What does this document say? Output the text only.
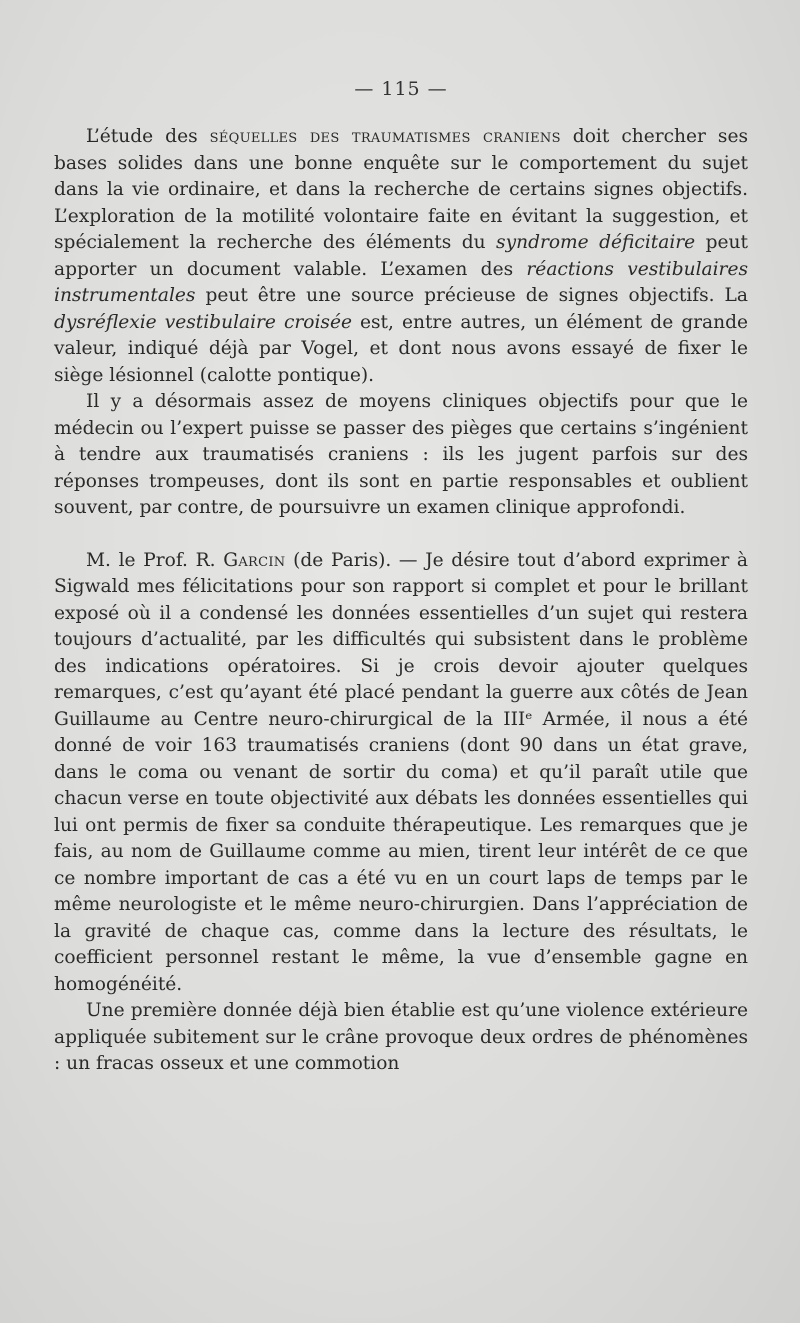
— 115 —

L’étude des séquelles des traumatismes craniens doit chercher ses bases solides dans une bonne enquête sur le comportement du sujet dans la vie ordinaire, et dans la recherche de certains signes objectifs. L’exploration de la motilité volontaire faite en évitant la suggestion, et spécialement la recherche des éléments du syndrome déficitaire peut apporter un document valable. L’examen des réactions vestibulaires instrumentales peut être une source précieuse de signes objectifs. La dysréflexie vestibulaire croisée est, entre autres, un élément de grande valeur, indiqué déjà par Vogel, et dont nous avons essayé de fixer le siège lésionnel (calotte pontique).

Il y a désormais assez de moyens cliniques objectifs pour que le médecin ou l’expert puisse se passer des pièges que certains s’ingénient à tendre aux traumatisés craniens : ils les jugent parfois sur des réponses trompeuses, dont ils sont en partie responsables et oublient souvent, par contre, de poursuivre un examen clinique approfondi.

M. le Prof. R. Garcin (de Paris). — Je désire tout d’abord exprimer à Sigwald mes félicitations pour son rapport si complet et pour le brillant exposé où il a condensé les données essentielles d’un sujet qui restera toujours d’actualité, par les difficultés qui subsistent dans le problème des indications opératoires. Si je crois devoir ajouter quelques remarques, c’est qu’ayant été placé pendant la guerre aux côtés de Jean Guillaume au Centre neuro-chirurgical de la IIIᵉ Armée, il nous a été donné de voir 163 traumatisés craniens (dont 90 dans un état grave, dans le coma ou venant de sortir du coma) et qu’il paraît utile que chacun verse en toute objectivité aux débats les données essentielles qui lui ont permis de fixer sa conduite thérapeutique. Les remarques que je fais, au nom de Guillaume comme au mien, tirent leur intérêt de ce que ce nombre important de cas a été vu en un court laps de temps par le même neurologiste et le même neuro-chirurgien. Dans l’appréciation de la gravité de chaque cas, comme dans la lecture des résultats, le coefficient personnel restant le même, la vue d’ensemble gagne en homogénéité.

Une première donnée déjà bien établie est qu’une violence extérieure appliquée subitement sur le crâne provoque deux ordres de phénomènes : un fracas osseux et une commotion
